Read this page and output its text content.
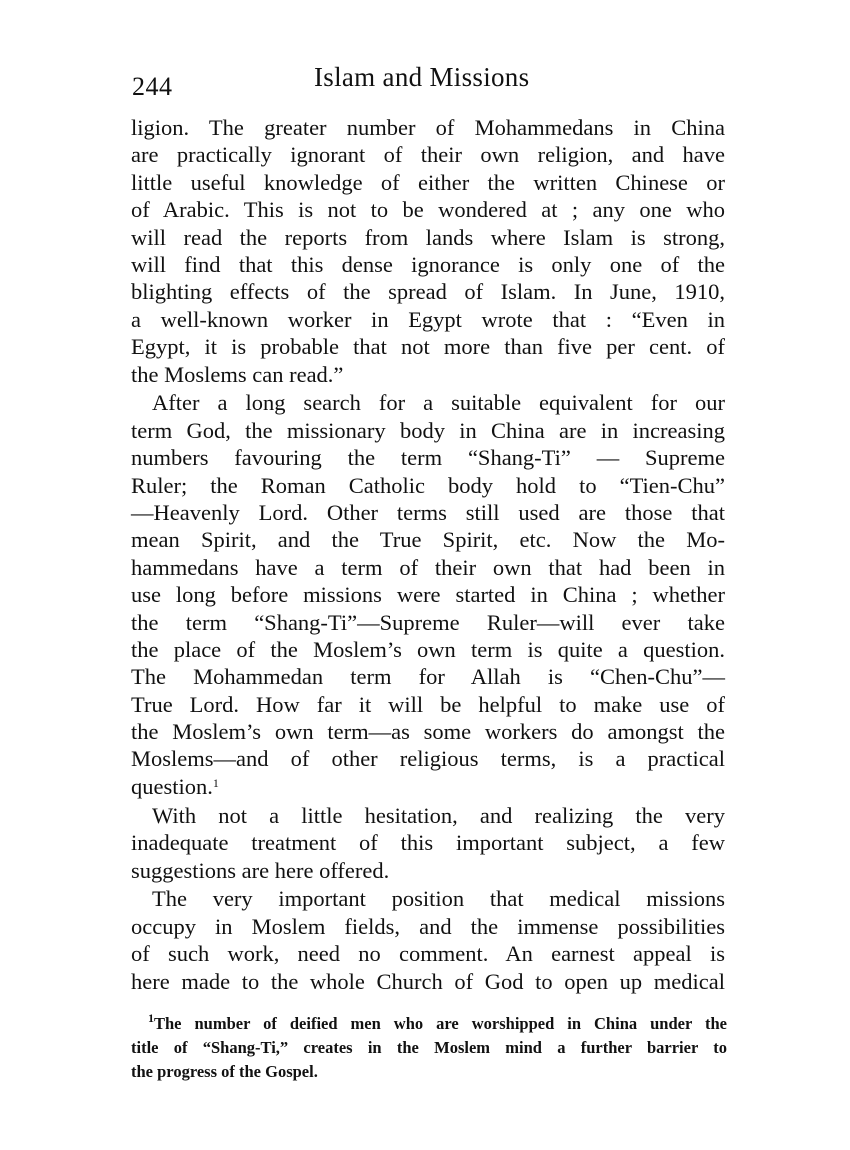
244	Islam and Missions
ligion. The greater number of Mohammedans in China
are practically ignorant of their own religion, and have
little useful knowledge of either the written Chinese or
of Arabic. This is not to be wondered at ; any one who
will read the reports from lands where Islam is strong,
will find that this dense ignorance is only one of the
blighting effects of the spread of Islam. In June, 1910,
a well-known worker in Egypt wrote that : “Even in
Egypt, it is probable that not more than five per cent. of
the Moslems can read.”
After a long search for a suitable equivalent for our
term God, the missionary body in China are in increasing
numbers favouring the term “Shang-Ti” — Supreme
Ruler; the Roman Catholic body hold to “Tien-Chu”
—Heavenly Lord. Other terms still used are those that
mean Spirit, and the True Spirit, etc. Now the Mo-
hammedans have a term of their own that had been in
use long before missions were started in China ; whether
the term “Shang-Ti”—Supreme Ruler—will ever take
the place of the Moslem’s own term is quite a question.
The Mohammedan term for Allah is “Chen-Chu”—
True Lord. How far it will be helpful to make use of
the Moslem’s own term—as some workers do amongst the
Moslems—and of other religious terms, is a practical
question.$^1$
With not a little hesitation, and realizing the very
inadequate treatment of this important subject, a few
suggestions are here offered.
The very important position that medical missions
occupy in Moslem fields, and the immense possibilities
of such work, need no comment. An earnest appeal is
here made to the whole Church of God to open up medical
$^1$The number of deified men who are worshipped in China under the
title of “Shang-Ti,” creates in the Moslem mind a further barrier to
the progress of the Gospel.
